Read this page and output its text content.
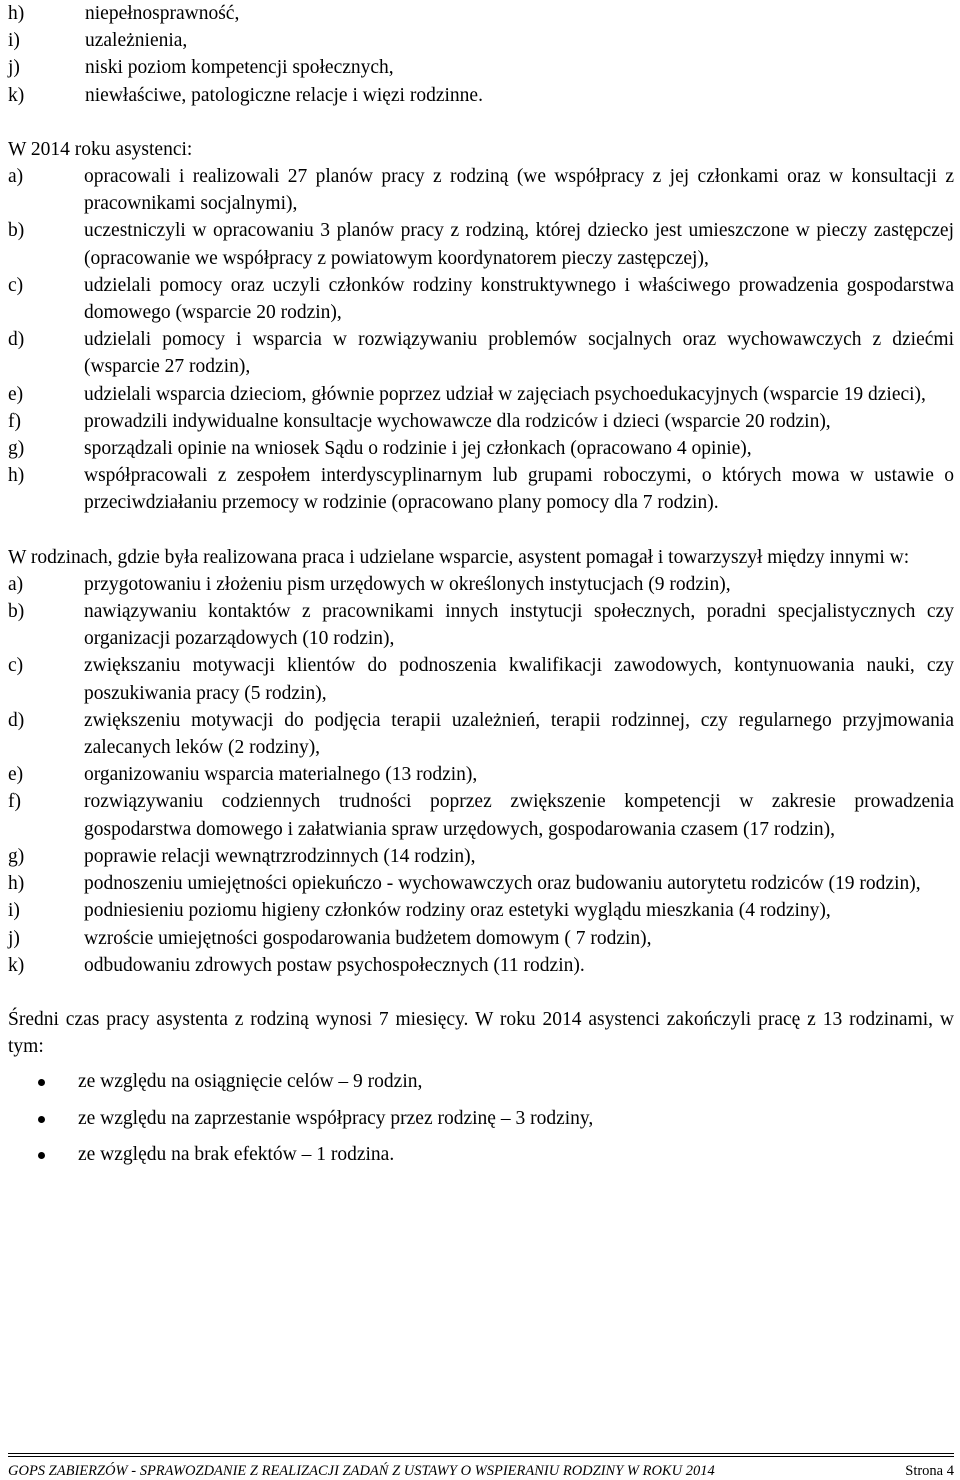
h)	niepełnosprawność,
i)	uzależnienia,
j)	niski poziom kompetencji społecznych,
k)	niewłaściwe, patologiczne relacje i więzi rodzinne.

W 2014 roku asystenci:

a)	opracowali i realizowali 27 planów pracy z rodziną (we współpracy z jej członkami oraz w konsultacji z pracownikami socjalnymi),
b)	uczestniczyli w opracowaniu 3 planów pracy z rodziną, której dziecko jest umieszczone w pieczy zastępczej (opracowanie we współpracy z powiatowym koordynatorem pieczy zastępczej),
c)	udzielali pomocy oraz uczyli członków rodziny konstruktywnego i właściwego prowadzenia gospodarstwa domowego (wsparcie 20 rodzin),
d)	udzielali pomocy i wsparcia w rozwiązywaniu problemów socjalnych oraz wychowawczych z dziećmi (wsparcie 27 rodzin),
e)	udzielali wsparcia dzieciom, głównie poprzez udział w zajęciach psychoedukacyjnych (wsparcie 19 dzieci),
f)	prowadzili indywidualne konsultacje wychowawcze dla rodziców i dzieci (wsparcie 20 rodzin),
g)	sporządzali opinie na wniosek Sądu o rodzinie i jej członkach (opracowano 4 opinie),
h)	współpracowali z zespołem interdyscyplinarnym lub grupami roboczymi, o których mowa w ustawie o przeciwdziałaniu przemocy w rodzinie (opracowano plany pomocy dla 7 rodzin).

W rodzinach, gdzie była realizowana praca i udzielane wsparcie, asystent pomagał i towarzyszył między innymi w:

a)	przygotowaniu i złożeniu pism urzędowych w określonych instytucjach (9 rodzin),
b)	nawiązywaniu kontaktów z pracownikami innych instytucji społecznych, poradni specjalistycznych czy organizacji pozarządowych (10 rodzin),
c)	zwiększaniu motywacji klientów do podnoszenia kwalifikacji zawodowych, kontynuowania nauki, czy poszukiwania pracy (5 rodzin),
d)	zwiększeniu motywacji do podjęcia terapii uzależnień, terapii rodzinnej, czy regularnego przyjmowania zalecanych leków (2 rodziny),
e)	organizowaniu wsparcia materialnego (13 rodzin),
f)	rozwiązywaniu codziennych trudności poprzez zwiększenie kompetencji w zakresie prowadzenia gospodarstwa domowego i załatwiania spraw urzędowych, gospodarowania czasem (17 rodzin),
g)	poprawie relacji wewnątrzrodzinnych (14 rodzin),
h)	podnoszeniu umiejętności opiekuńczo - wychowawczych oraz budowaniu autorytetu rodziców (19 rodzin),
i)	podniesieniu poziomu higieny członków rodziny oraz estetyki wyglądu mieszkania (4 rodziny),
j)	wzroście umiejętności gospodarowania budżetem domowym ( 7 rodzin),
k)	odbudowaniu zdrowych postaw psychospołecznych (11 rodzin).

Średni czas pracy asystenta z rodziną wynosi 7 miesięcy. W roku 2014 asystenci zakończyli pracę z 13 rodzinami, w tym:

ze względu na osiągnięcie celów – 9 rodzin,
ze względu na zaprzestanie współpracy przez rodzinę – 3 rodziny,
ze względu na brak efektów – 1 rodzina.
GOPS ZABIERZÓW - SPRAWOZDANIE Z REALIZACJI ZADAŃ Z USTAWY O WSPIERANIU RODZINY W ROKU 2014	Strona 4
